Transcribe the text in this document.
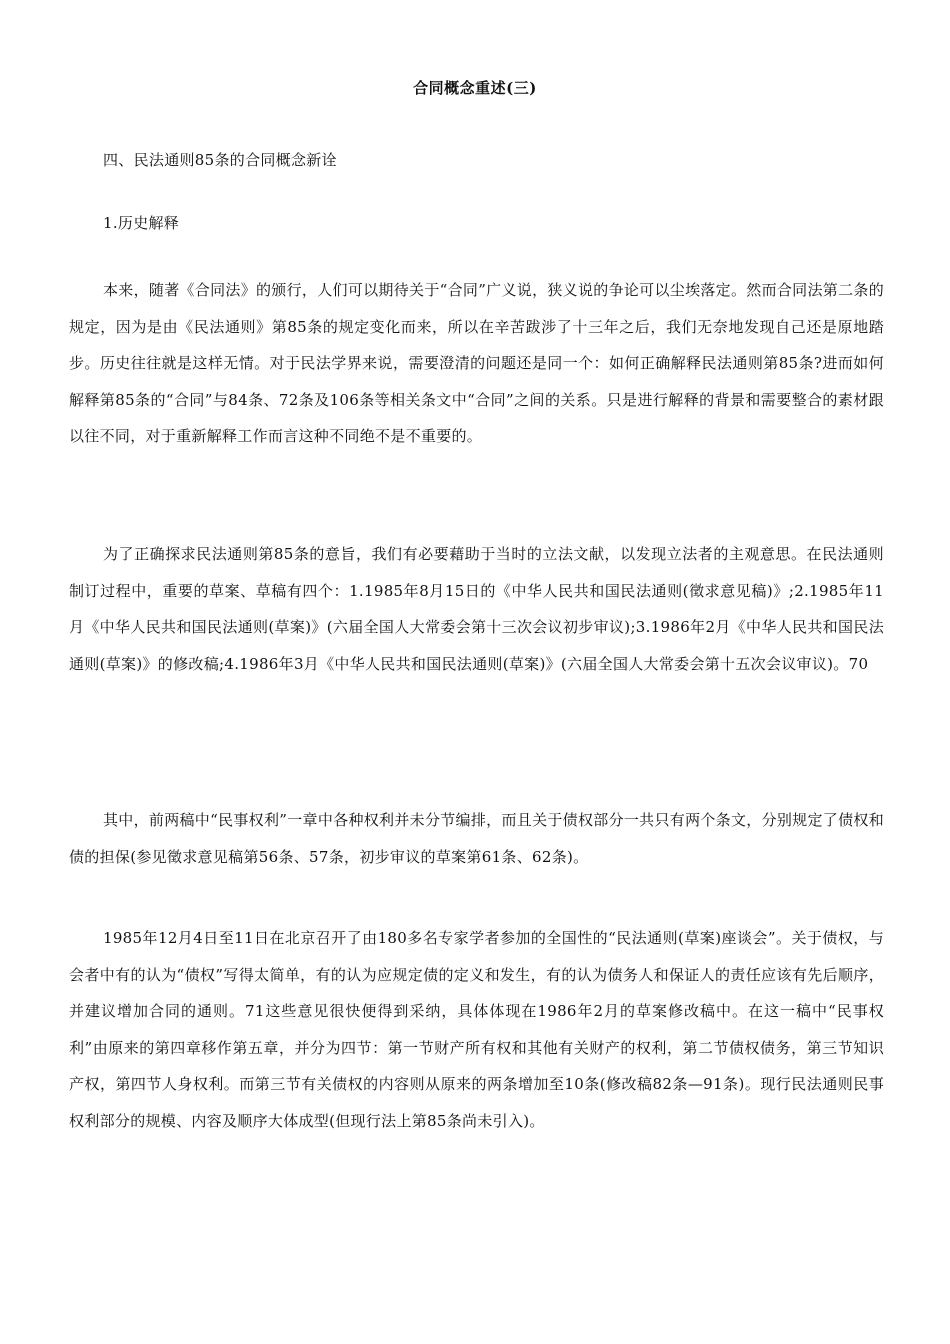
合同概念重述(三)
四、民法通则85条的合同概念新诠
1.历史解释

本来，随著《合同法》的颁行，人们可以期待关于“合同”广义说，狭义说的争论可以尘埃落定。然而合同法第二条的规定，因为是由《民法通则》第85条的规定变化而来，所以在辛苦跋涉了十三年之后，我们无奈地发现自己还是原地踏步。历史往往就是这样无情。对于民法学界来说，需要澄清的问题还是同一个：如何正确解释民法通则第85条?进而如何解释第85条的“合同”与84条、72条及106条等相关条文中“合同”之间的关系。只是进行解释的背景和需要整合的素材跟以往不同，对于重新解释工作而言这种不同绝不是不重要的。

为了正确探求民法通则第85条的意旨，我们有必要藉助于当时的立法文献，以发现立法者的主观意思。在民法通则制订过程中，重要的草案、草稿有四个：1.1985年8月15日的《中华人民共和国民法通则(徵求意见稿)》;2.1985年11月《中华人民共和国民法通则(草案)》(六届全国人大常委会第十三次会议初步审议);3.1986年2月《中华人民共和国民法通则(草案)》的修改稿;4.1986年3月《中华人民共和国民法通则(草案)》(六届全国人大常委会第十五次会议审议)。70

其中，前两稿中“民事权利”一章中各种权利并未分节编排，而且关于债权部分一共只有两个条文，分别规定了债权和债的担保(参见徵求意见稿第56条、57条，初步审议的草案第61条、62条)。

1985年12月4日至11日在北京召开了由180多名专家学者参加的全国性的“民法通则(草案)座谈会”。关于债权，与会者中有的认为“债权”写得太简单，有的认为应规定债的定义和发生，有的认为债务人和保证人的责任应该有先后顺序，并建议增加合同的通则。71这些意见很快便得到采纳，具体体现在1986年2月的草案修改稿中。在这一稿中“民事权利”由原来的第四章移作第五章，并分为四节：第一节财产所有权和其他有关财产的权利，第二节债权债务，第三节知识产权，第四节人身权利。而第三节有关债权的内容则从原来的两条增加至10条(修改稿82条—91条)。现行民法通则民事权利部分的规模、内容及顺序大体成型(但现行法上第85条尚未引入)。
